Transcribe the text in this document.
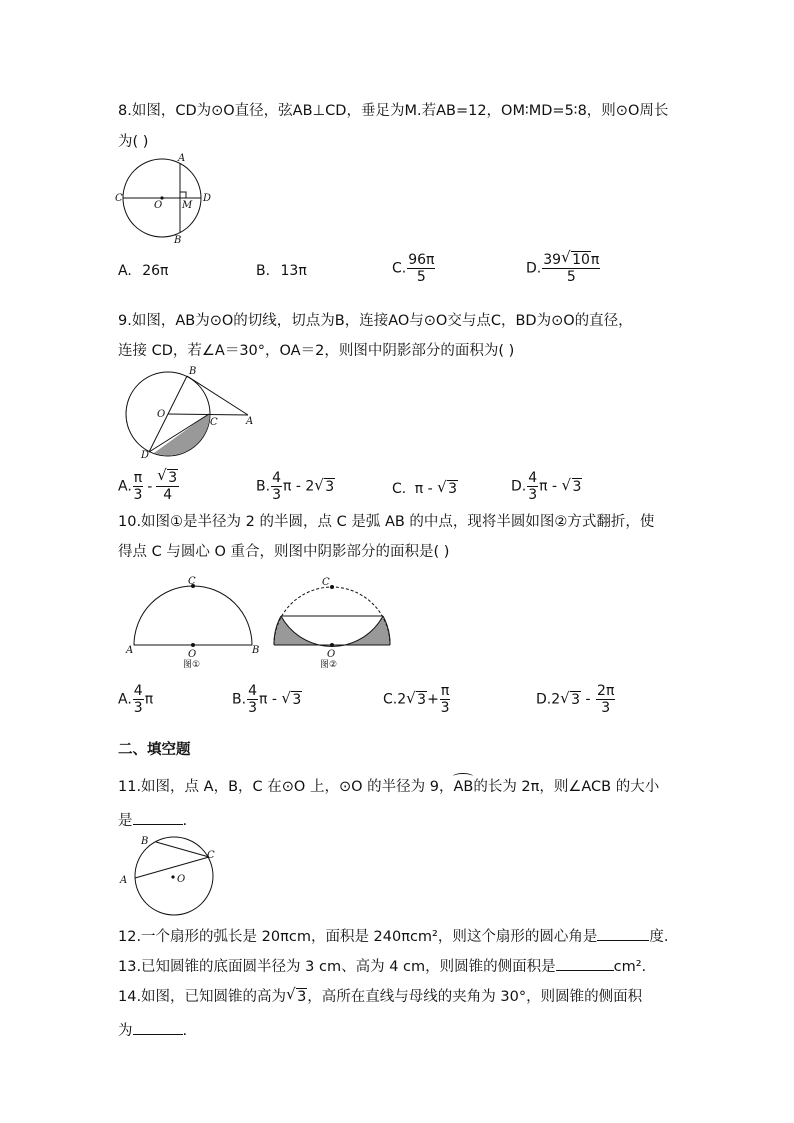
8.如图，CD为⊙O直径，弦AB⊥CD，垂足为M.若AB=12，OM∶MD=5∶8，则⊙O周长
为( )
A
C	D
O M
B
A. 26π	B. 13π	C. $\frac{96\pi}{5}$	D. $\frac{39 √ 10\pi}{5}$
9.如图，AB为⊙O的切线，切点为B，连接AO与⊙O交与点C，BD为⊙O的直径，
连接 CD，若∠A＝30°，OA＝2，则图中阴影部分的面积为( )
B
O
C	A
D
A. $\frac{\pi}{3} - \frac{√ 3}{4}$	B. $\frac{4}{3}$ π - 2 √ 3	C. π - √ 3	D. $\frac{4}{3}$ π - √ 3
10.如图①是半径为 2 的半圆，点 C 是弧 AB 的中点，现将半圆如图②方式翻折，使
得点 C 与圆心 O 重合，则图中阴影部分的面积是( )
C
A	B
O
图①
C
O
图②
A. $\frac{4}{3}$ π	B. $\frac{4}{3}$ π - √ 3	C.2 √ $3+ \frac{\pi}{3}$	D.2 √ $3 - \frac{2\pi}{3}$
二、填空题
11.如图，点 A，B，C 在⊙O 上，⊙O 的半径为 9，AB的长为 2π，则∠ACB 的大小
是	.
B
C
A	O
12.一个扇形的弧长是 20πcm，面积是 240πcm²，则这个扇形的圆心角是	度.
13.已知圆锥的底面圆半径为 3 cm、高为 4 cm，则圆锥的侧面积是	cm².
14.如图，已知圆锥的高为 √ 3，高所在直线与母线的夹角为 30°，则圆锥的侧面积
为	.
